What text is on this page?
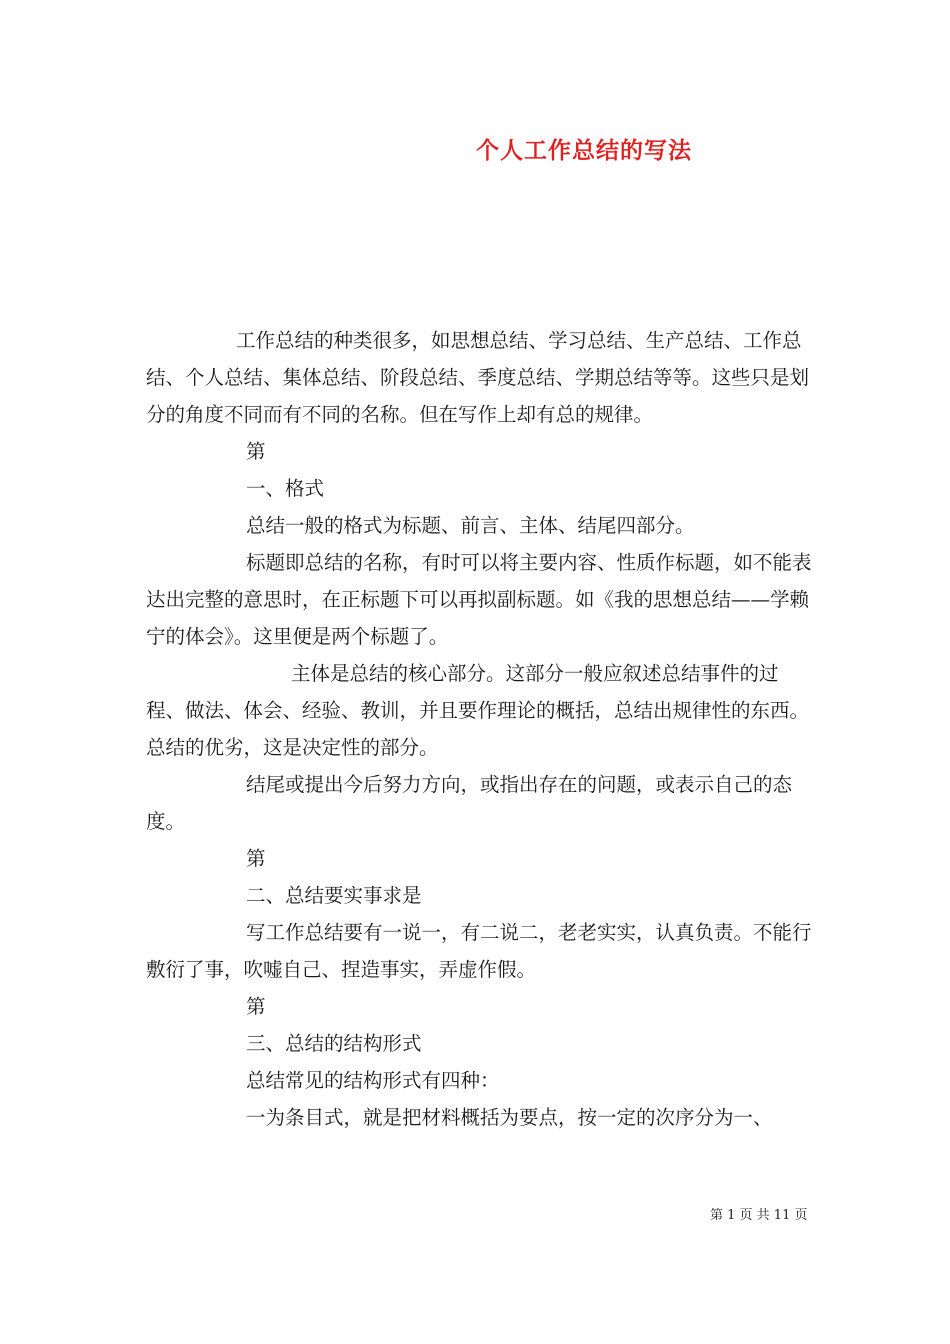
个人工作总结的写法

工作总结的种类很多，如思想总结、学习总结、生产总结、工作总结、个人总结、集体总结、阶段总结、季度总结、学期总结等等。这些只是划分的角度不同而有不同的名称。但在写作上却有总的规律。

第

一、格式

总结一般的格式为标题、前言、主体、结尾四部分。

标题即总结的名称，有时可以将主要内容、性质作标题，如不能表达出完整的意思时，在正标题下可以再拟副标题。如《我的思想总结——学赖宁的体会》。这里便是两个标题了。

主体是总结的核心部分。这部分一般应叙述总结事件的过程、做法、体会、经验、教训，并且要作理论的概括，总结出规律性的东西。总结的优劣，这是决定性的部分。

结尾或提出今后努力方向，或指出存在的问题，或表示自己的态度。

第

二、总结要实事求是

写工作总结要有一说一，有二说二，老老实实，认真负责。不能行敷衍了事，吹嘘自己、捏造事实，弄虚作假。

第

三、总结的结构形式

总结常见的结构形式有四种：

一为条目式，就是把材料概括为要点，按一定的次序分为一、

第 1 页 共 11 页
